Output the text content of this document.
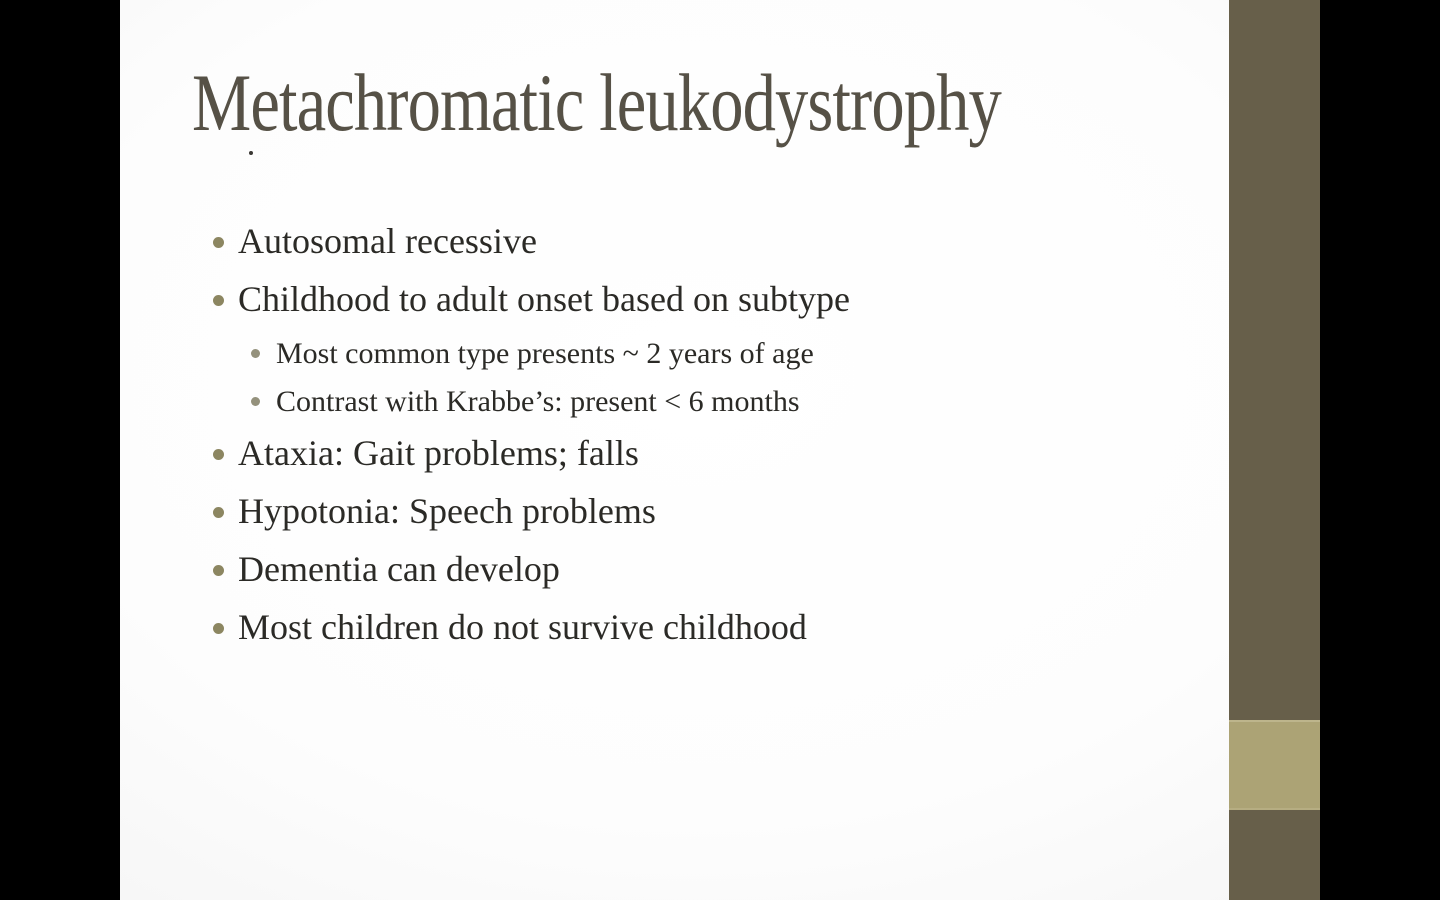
Metachromatic leukodystrophy
Autosomal recessive
Childhood to adult onset based on subtype
Most common type presents ~ 2 years of age
Contrast with Krabbe’s: present < 6 months
Ataxia: Gait problems; falls
Hypotonia: Speech problems
Dementia can develop
Most children do not survive childhood
